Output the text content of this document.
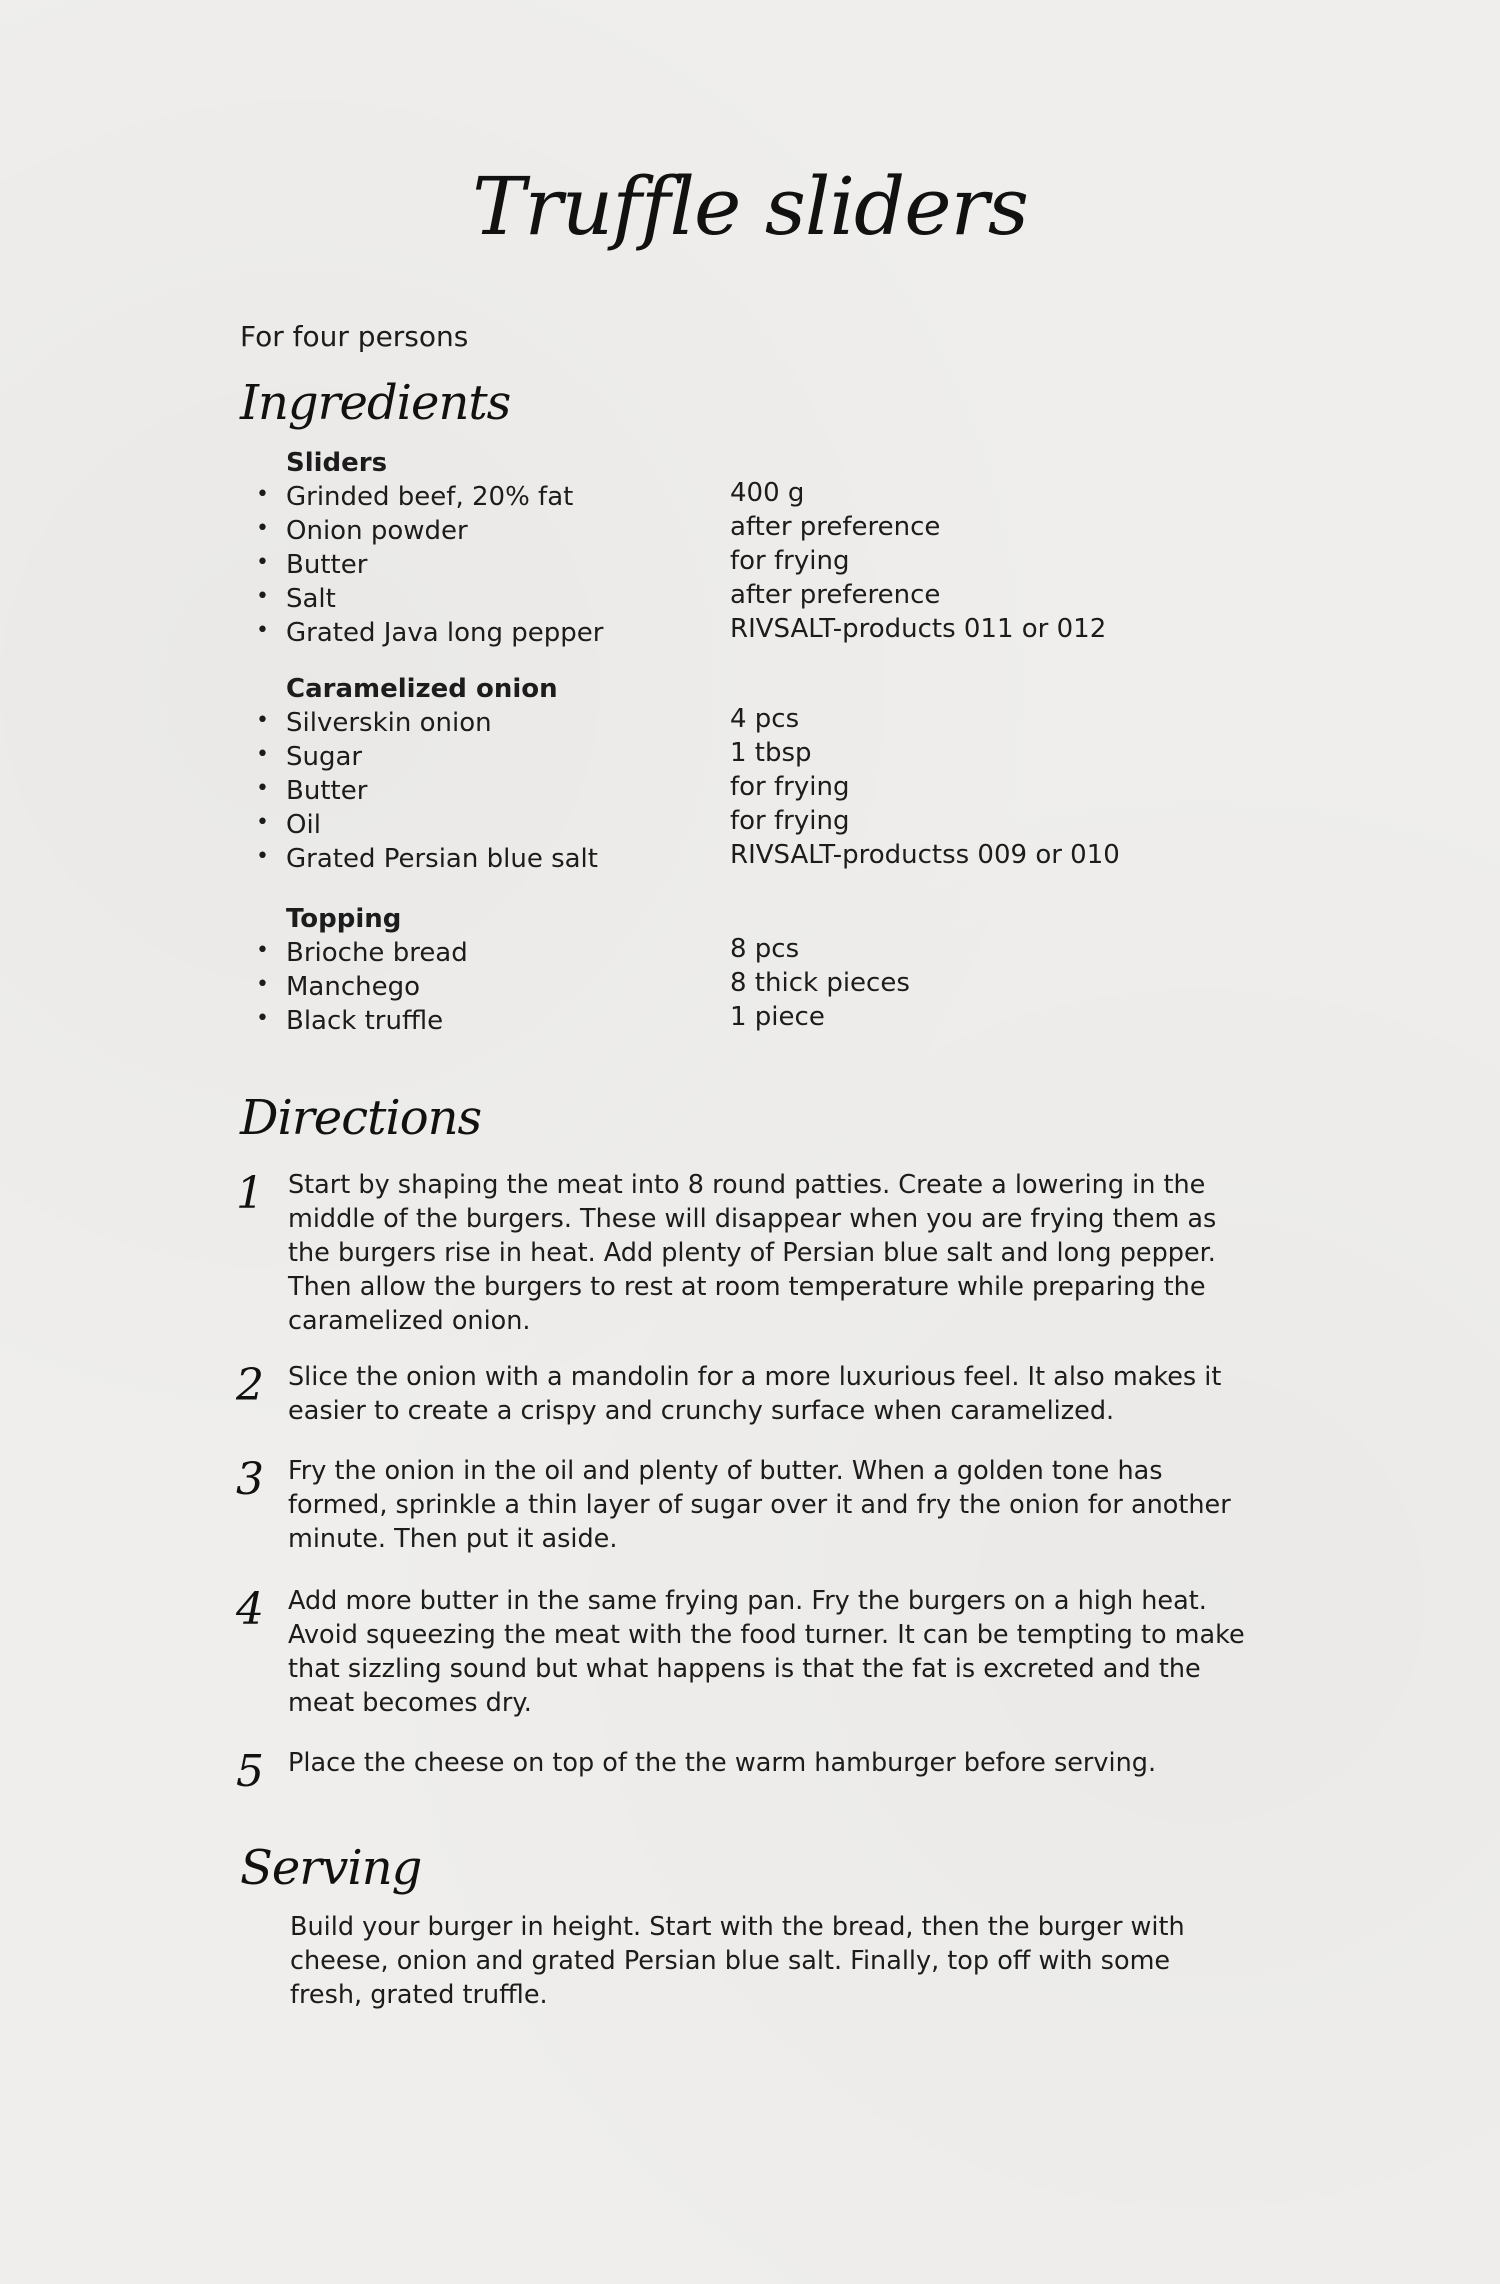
Truffle sliders
For four persons
Ingredients
Sliders
• Grinded beef, 20% fat	400 g
• Onion powder	after preference
• Butter	for frying
• Salt	after preference
• Grated Java long pepper	RIVSALT-products 011 or 012
Caramelized onion
• Silverskin onion	4 pcs
• Sugar	1 tbsp
• Butter	for frying
• Oil	for frying
• Grated Persian blue salt	RIVSALT-productss 009 or 010
Topping
• Brioche bread	8 pcs
• Manchego	8 thick pieces
• Black truffle	1 piece
Directions
1 Start by shaping the meat into 8 round patties. Create a lowering in the middle of the burgers. These will disappear when you are frying them as the burgers rise in heat. Add plenty of Persian blue salt and long pepper. Then allow the burgers to rest at room temperature while preparing the caramelized onion.
2 Slice the onion with a mandolin for a more luxurious feel. It also makes it easier to create a crispy and crunchy surface when caramelized.
3 Fry the onion in the oil and plenty of butter. When a golden tone has formed, sprinkle a thin layer of sugar over it and fry the onion for another minute. Then put it aside.
4 Add more butter in the same frying pan. Fry the burgers on a high heat. Avoid squeezing the meat with the food turner. It can be tempting to make that sizzling sound but what happens is that the fat is excreted and the meat becomes dry.
5 Place the cheese on top of the the warm hamburger before serving.
Serving
Build your burger in height. Start with the bread, then the burger with cheese, onion and grated Persian blue salt. Finally, top off with some fresh, grated truffle.
